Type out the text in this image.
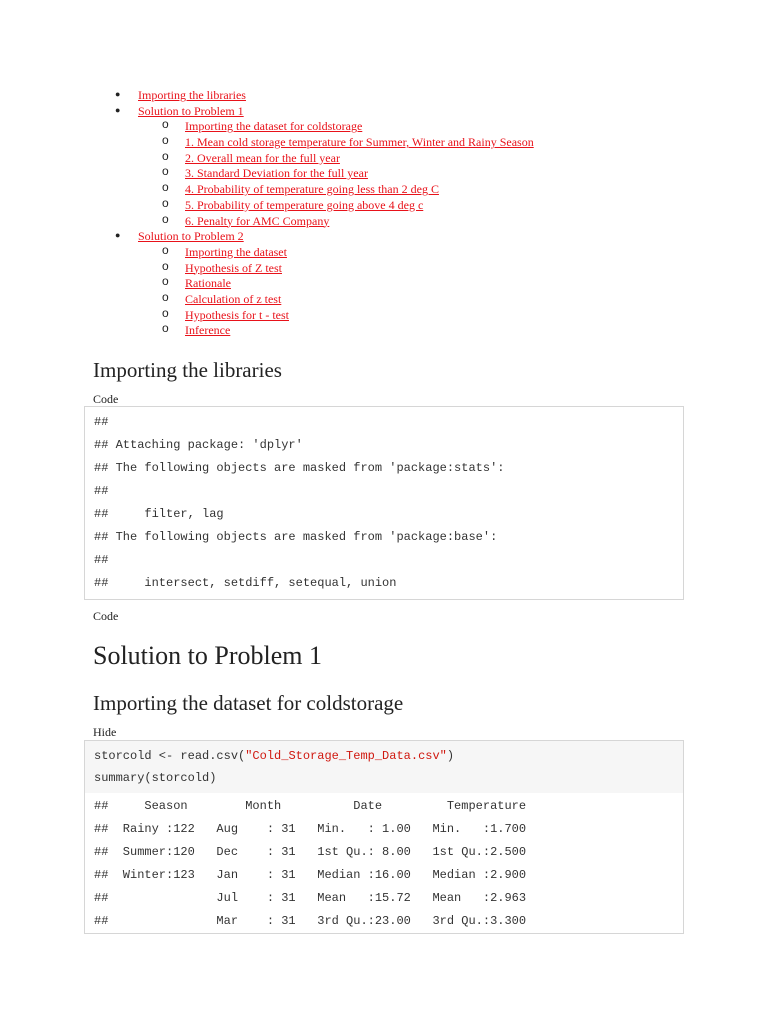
● Importing the libraries
● Solution to Problem 1
o Importing the dataset for coldstorage
o 1. Mean cold storage temperature for Summer, Winter and Rainy Season
o 2. Overall mean for the full year
o 3. Standard Deviation for the full year
o 4. Probability of temperature going less than 2 deg C
o 5. Probability of temperature going above 4 deg c
o 6. Penalty for AMC Company
● Solution to Problem 2
o Importing the dataset
o Hypothesis of Z test
o Rationale
o Calculation of z test
o Hypothesis for t - test
o Inference
Importing the libraries
Code
##
## Attaching package: 'dplyr'
## The following objects are masked from 'package:stats':
##
##     filter, lag
## The following objects are masked from 'package:base':
##
##     intersect, setdiff, setequal, union
Code
Solution to Problem 1
Importing the dataset for coldstorage
Hide
storcold <- read.csv("Cold_Storage_Temp_Data.csv")
summary(storcold)
##     Season        Month          Date         Temperature
##  Rainy :122   Aug    : 31   Min.   : 1.00   Min.   :1.700
##  Summer:120   Dec    : 31   1st Qu.: 8.00   1st Qu.:2.500
##  Winter:123   Jan    : 31   Median :16.00   Median :2.900
##               Jul    : 31   Mean   :15.72   Mean   :2.963
##               Mar    : 31   3rd Qu.:23.00   3rd Qu.:3.300
